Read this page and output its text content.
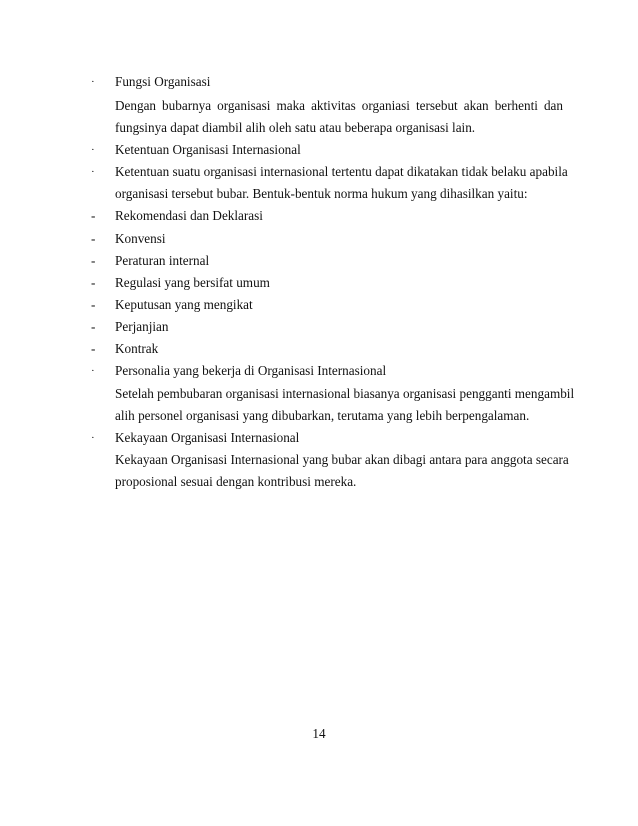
·	Fungsi Organisasi
Dengan bubarnya organisasi maka aktivitas organiasi tersebut akan berhenti dan
fungsinya dapat diambil alih oleh satu atau beberapa organisasi lain.
·	Ketentuan Organisasi Internasional
·	Ketentuan suatu organisasi internasional tertentu dapat dikatakan tidak belaku apabila
organisasi tersebut bubar. Bentuk-bentuk norma hukum yang dihasilkan yaitu:
-	Rekomendasi dan Deklarasi
-	Konvensi
-	Peraturan internal
-	Regulasi yang bersifat umum
-	Keputusan yang mengikat
-	Perjanjian
-	Kontrak
·	Personalia yang bekerja di Organisasi Internasional
Setelah pembubaran organisasi internasional biasanya organisasi pengganti mengambil
alih personel organisasi yang dibubarkan, terutama yang lebih berpengalaman.
·	Kekayaan Organisasi Internasional
Kekayaan Organisasi Internasional yang bubar akan dibagi antara para anggota secara
proposional sesuai dengan kontribusi mereka.
14
